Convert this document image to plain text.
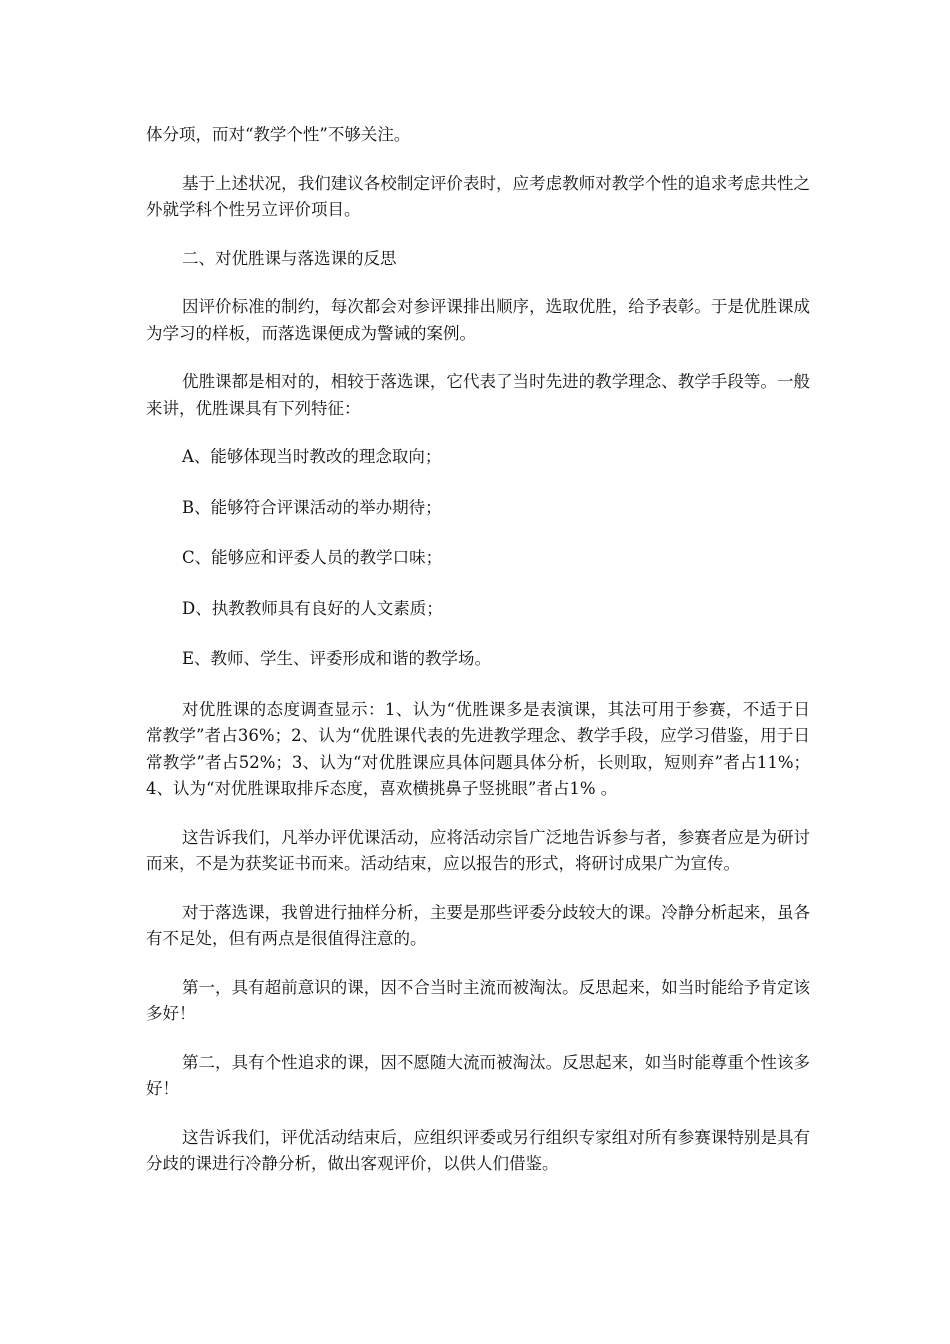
体分项，而对“教学个性”不够关注。

基于上述状况，我们建议各校制定评价表时，应考虑教师对教学个性的追求考虑共性之外就学科个性另立评价项目。

二、对优胜课与落选课的反思

因评价标准的制约，每次都会对参评课排出顺序，选取优胜，给予表彰。于是优胜课成为学习的样板，而落选课便成为警诫的案例。

优胜课都是相对的，相较于落选课，它代表了当时先进的教学理念、教学手段等。一般来讲，优胜课具有下列特征：

A、能够体现当时教改的理念取向；

B、能够符合评课活动的举办期待；

C、能够应和评委人员的教学口味；

D、执教教师具有良好的人文素质；

E、教师、学生、评委形成和谐的教学场。

对优胜课的态度调查显示：1、认为“优胜课多是表演课，其法可用于参赛，不适于日常教学”者占36%；2、认为“优胜课代表的先进教学理念、教学手段，应学习借鉴，用于日常教学”者占52%；3、认为“对优胜课应具体问题具体分析，长则取，短则弃”者占11%；4、认为“对优胜课取排斥态度，喜欢横挑鼻子竖挑眼”者占1% 。

这告诉我们，凡举办评优课活动，应将活动宗旨广泛地告诉参与者，参赛者应是为研讨而来，不是为获奖证书而来。活动结束，应以报告的形式，将研讨成果广为宣传。

对于落选课，我曾进行抽样分析，主要是那些评委分歧较大的课。冷静分析起来，虽各有不足处，但有两点是很值得注意的。

第一，具有超前意识的课，因不合当时主流而被淘汰。反思起来，如当时能给予肯定该多好！

第二，具有个性追求的课，因不愿随大流而被淘汰。反思起来，如当时能尊重个性该多好！

这告诉我们，评优活动结束后，应组织评委或另行组织专家组对所有参赛课特别是具有分歧的课进行冷静分析，做出客观评价，以供人们借鉴。
